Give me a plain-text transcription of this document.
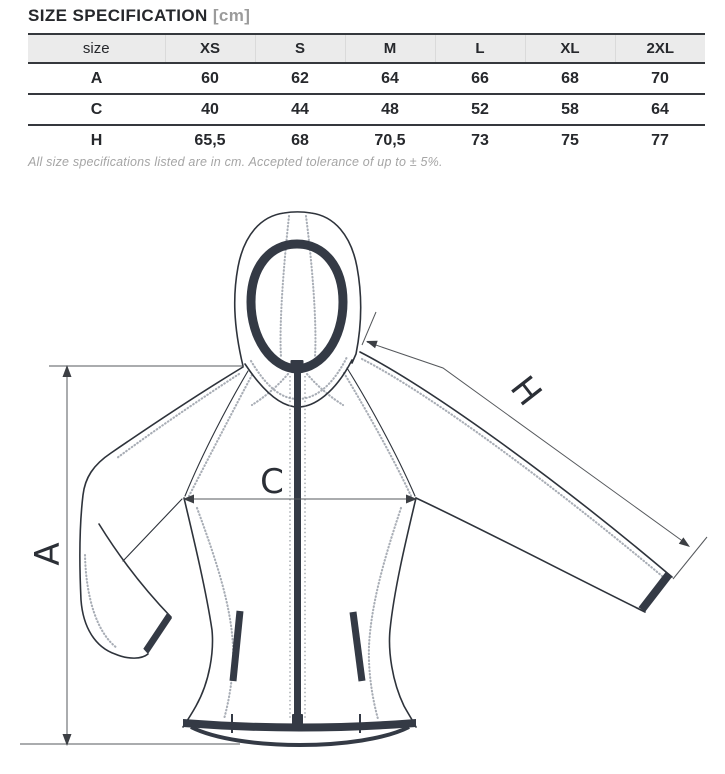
SIZE SPECIFICATION [cm]
size	XS	S	M	L	XL	2XL
A	60	62	64	66	68	70
C	40	44	48	52	58	64
H	65,5	68	70,5	73	75	77

All size specifications listed are in cm. Accepted tolerance of up to ± 5%.

A
C
H
